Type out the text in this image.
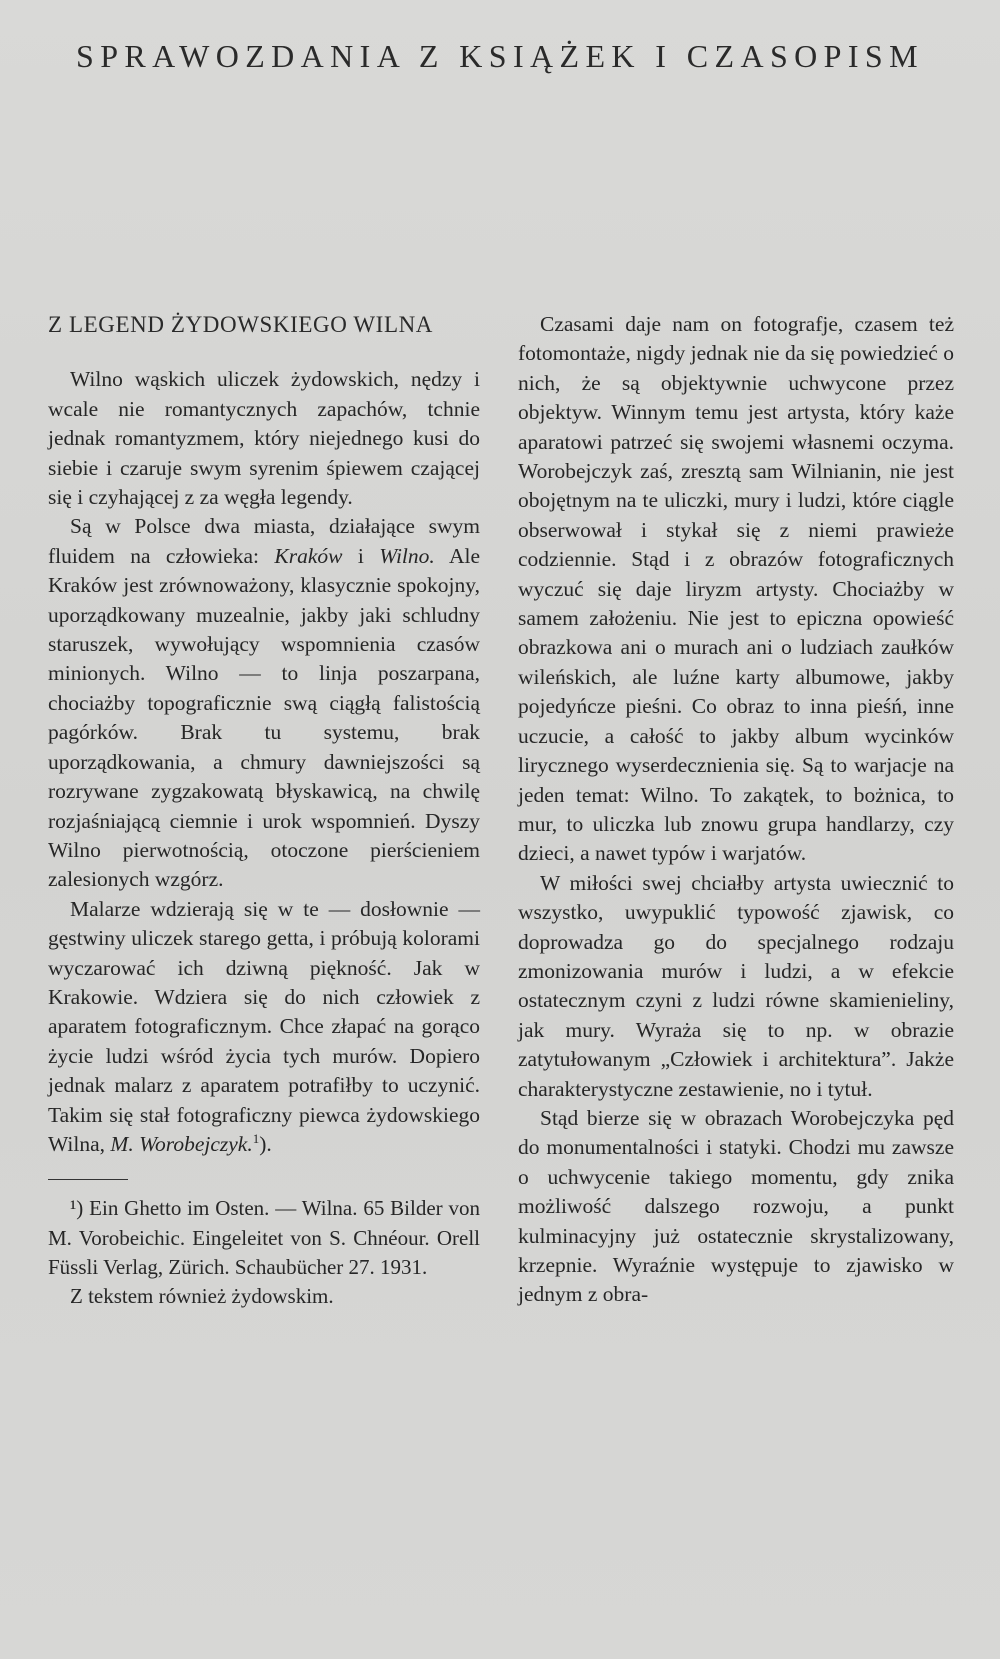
SPRAWOZDANIA Z KSIĄŻEK I CZASOPISM
Z LEGEND ŻYDOWSKIEGO WILNA

Wilno wąskich uliczek żydowskich, nędzy i wcale nie romantycznych zapachów, tchnie jednak romantyzmem, który niejednego kusi do siebie i czaruje swym syrenim śpiewem czającej się i czyhającej z za węgła legendy.

Są w Polsce dwa miasta, działające swym fluidem na człowieka: Kraków i Wilno. Ale Kraków jest zrównoważony, klasycznie spokojny, uporządkowany muzealnie, jakby jaki schludny staruszek, wywołujący wspomnienia czasów minionych. Wilno — to linja poszarpana, chociażby topograficznie swą ciągłą falistością pagórków. Brak tu systemu, brak uporządkowania, a chmury dawniejszości są rozrywane zygzakowatą błyskawicą, na chwilę rozjaśniającą ciemnie i urok wspomnień. Dyszy Wilno pierwotnością, otoczone pierścieniem zalesionych wzgórz.

Malarze wdzierają się w te — dosłownie — gęstwiny uliczek starego getta, i próbują kolorami wyczarować ich dziwną piękność. Jak w Krakowie. Wdziera się do nich człowiek z aparatem fotograficznym. Chce złapać na gorąco życie ludzi wśród życia tych murów. Dopiero jednak malarz z aparatem potrafiłby to uczynić. Takim się stał fotograficzny piewca żydowskiego Wilna, M. Worobejczyk.$^1$).

¹) Ein Ghetto im Osten. — Wilna. 65 Bilder von M. Vorobeichic. Eingeleitet von S. Chnéour. Orell Füssli Verlag, Zürich. Schaubücher 27. 1931.

Z tekstem również żydowskim.

Czasami daje nam on fotografje, czasem też fotomontaże, nigdy jednak nie da się powiedzieć o nich, że są objektywnie uchwycone przez objektyw. Winnym temu jest artysta, który każe aparatowi patrzeć się swojemi własnemi oczyma. Worobejczyk zaś, zresztą sam Wilnianin, nie jest obojętnym na te uliczki, mury i ludzi, które ciągle obserwował i stykał się z niemi prawieże codziennie. Stąd i z obrazów fotograficznych wyczuć się daje liryzm artysty. Chociażby w samem założeniu. Nie jest to epiczna opowieść obrazkowa ani o murach ani o ludziach zaułków wileńskich, ale luźne karty albumowe, jakby pojedyńcze pieśni. Co obraz to inna pieśń, inne uczucie, a całość to jakby album wycinków lirycznego wyserdecznienia się. Są to warjacje na jeden temat: Wilno. To zakątek, to bożnica, to mur, to uliczka lub znowu grupa handlarzy, czy dzieci, a nawet typów i warjatów.

W miłości swej chciałby artysta uwiecznić to wszystko, uwypuklić typowość zjawisk, co doprowadza go do specjalnego rodzaju zmonizowania murów i ludzi, a w efekcie ostatecznym czyni z ludzi równe skamienieliny, jak mury. Wyraża się to np. w obrazie zatytułowanym „Człowiek i architektura”. Jakże charakterystyczne zestawienie, no i tytuł.

Stąd bierze się w obrazach Worobejczyka pęd do monumentalności i statyki. Chodzi mu zawsze o uchwycenie takiego momentu, gdy znika możliwość dalszego rozwoju, a punkt kulminacyjny już ostatecznie skrystalizowany, krzepnie. Wyraźnie występuje to zjawisko w jednym z obra-
